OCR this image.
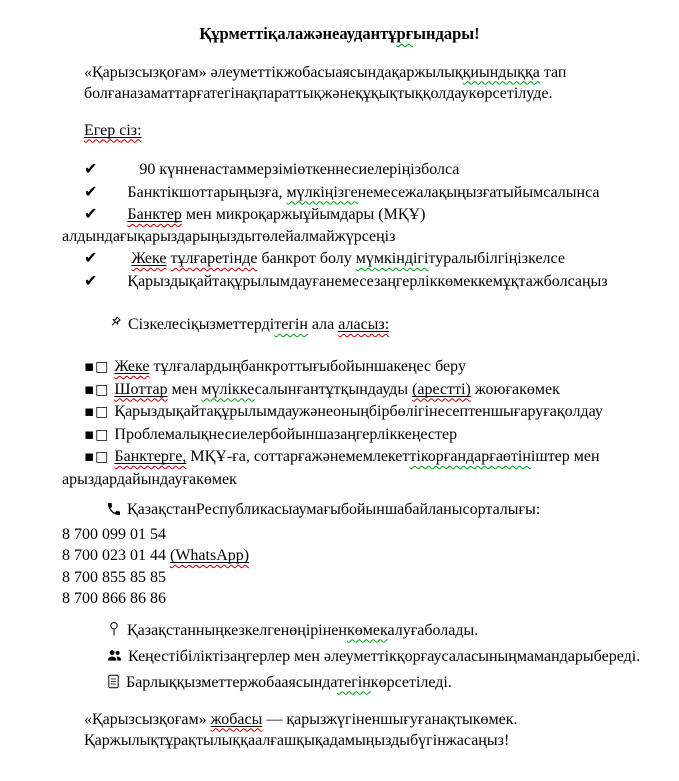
Құрметтіқалажәнеаудантұрғындары!

«Қарызсызқоғам» әлеуметтікжобасыаясындақаржылыққиындыққа тап болғаназаматтарғатегінақпараттықжәнеқұқықтыққолдаукөрсетілуде.

Егер сіз:

✔   90 күнненастаммерзіміөткеннесиелеріңізболса

✔ Банктікшоттарыңызға, мүлкіңізгенемесежалақыңызғатыйымсалынса

✔ Банктер мен микроқаржыұйымдары (МҚҰ) алдындағықарыздарыңыздытөлейалмайжүрсеңіз

✔ Жеке тұлғаретінде банкрот болу мүмкіндігітуралыбілгіңізкелсе

✔ Қарыздықайтақұрылымдауғанемесезаңгерліккөмеккемұқтажболсаңыз

Сізкелесіқызметтердітегін ала аласыз:

▪□ Жеке тұлғалардыңбанкроттығыбойыншакеңес беру

▪□ Шоттар мен мүліккесалынғантұтқындауды (арестті) жоюғакөмек

▪□ Қарыздықайтақұрылымдаужәнеоныңбірбөлігінесептеншығаруғақолдау

▪□ Проблемалықнесиелербойыншазаңгерліккеңестер

▪□ Банктерге, МҚҰ-ға, соттарғажәнемемлекеттікорғандарғаөтініштер мен арыздардайындауғакөмек

ҚазақстанРеспубликасыаумағыбойыншабайланысорталығы:

8 700 099 01 54

8 700 023 01 44 (WhatsApp)

8 700 855 85 85

8 700 866 86 86

Қазақстанныңкезкелгенөңіріненкөмекалуғаболады.

Кеңестібіліктізаңгерлер мен әлеуметтікқорғаусаласыныңмамандарыбереді.

Барлыққызметтержобааясындатегінкөрсетіледі.

«Қарызсызқоғам» жобасы — қарызжүгіненшығуғанақтыкөмек.

Қаржылықтұрақтылыққаалғашқықадамыңыздыбүгінжасаңыз!
